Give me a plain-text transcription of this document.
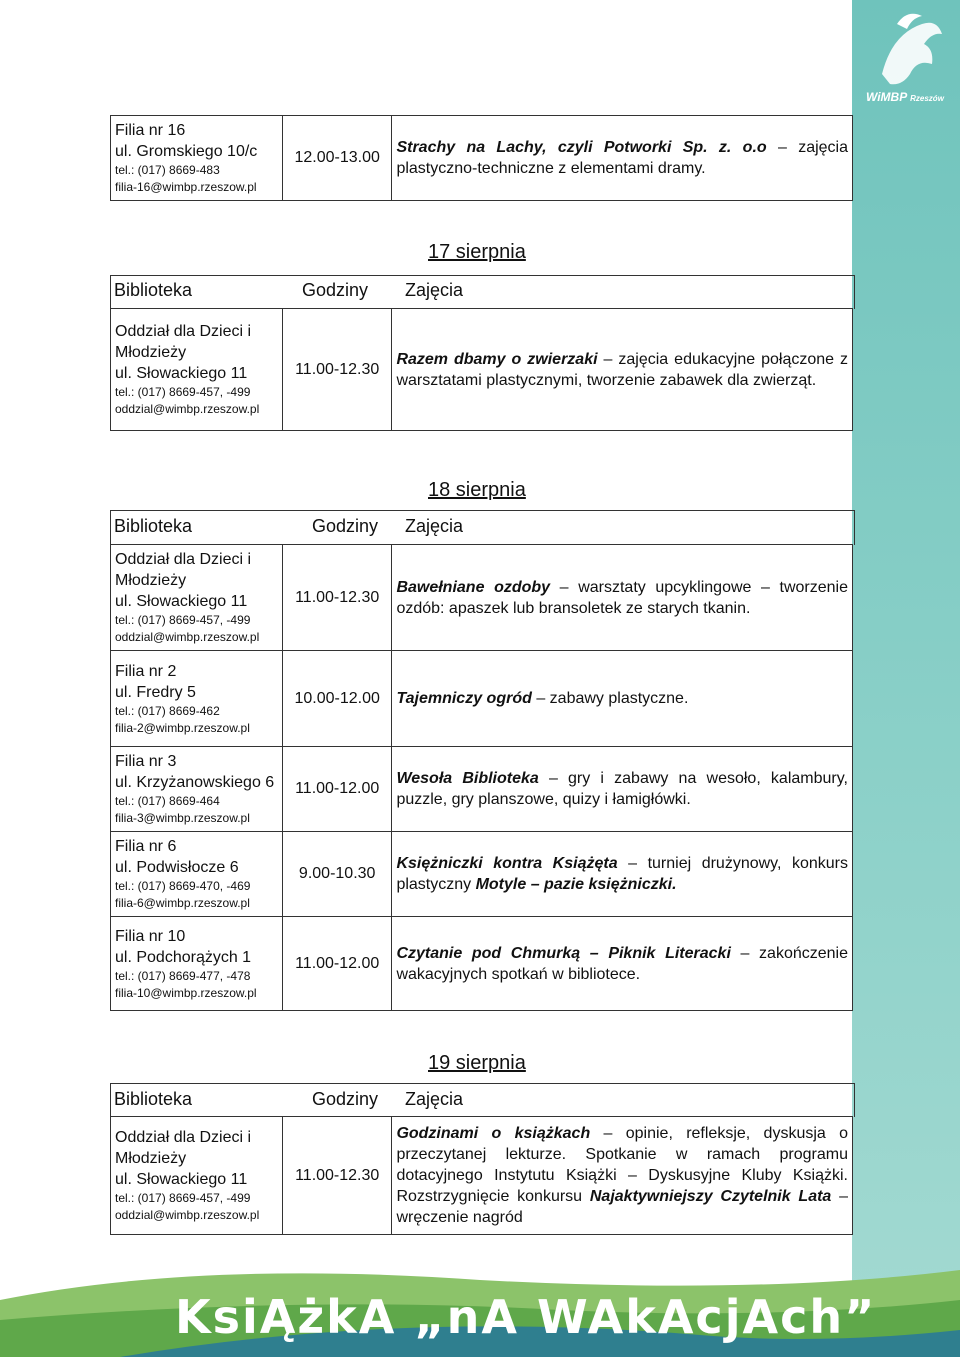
WiMBP Rzeszów
Filia nr 16
ul. Gromskiego 10/c
tel.: (017) 8669-483
filia-16@wimbp.rzeszow.pl
	12.00-13.00	Strachy na Lachy, czyli Potworki Sp. z. o.o – zajęcia plastyczno-techniczne z elementami dramy.
17 sierpnia
Biblioteka	Godziny Zajęcia
Oddział dla Dzieci i Młodzieży
ul. Słowackiego 11
tel.: (017) 8669-457, -499
oddzial@wimbp.rzeszow.pl
	11.00-12.30	Razem dbamy o zwierzaki – zajęcia edukacyjne połączone z warsztatami plastycznymi, tworzenie zabawek dla zwierząt.
18 sierpnia
Biblioteka	Godziny Zajęcia
Oddział dla Dzieci i Młodzieży
ul. Słowackiego 11
tel.: (017) 8669-457, -499
oddzial@wimbp.rzeszow.pl	11.00-12.30	Bawełniane ozdoby – warsztaty upcyklingowe – tworzenie ozdób: apaszek lub bransoletek ze starych tkanin.

Filia nr 2
ul. Fredry 5
tel.: (017) 8669-462
filia-2@wimbp.rzeszow.pl	10.00-12.00	Tajemniczy ogród – zabawy plastyczne.

Filia nr 3
ul. Krzyżanowskiego 6
tel.: (017) 8669-464
filia-3@wimbp.rzeszow.pl	11.00-12.00	Wesoła Biblioteka – gry i zabawy na wesoło, kalambury, puzzle, gry planszowe, quizy i łamigłówki.

Filia nr 6
ul. Podwisłocze 6
tel.: (017) 8669-470, -469
filia-6@wimbp.rzeszow.pl	9.00-10.30	Księżniczki kontra Książęta – turniej drużynowy, konkurs plastyczny Motyle – pazie księżniczki.

Filia nr 10
ul. Podchorążych 1
tel.: (017) 8669-477, -478
filia-10@wimbp.rzeszow.pl	11.00-12.00	Czytanie pod Chmurką – Piknik Literacki – zakończenie wakacyjnych spotkań w bibliotece.
19 sierpnia
Biblioteka	Godziny Zajęcia
Oddział dla Dzieci i Młodzieży
ul. Słowackiego 11
tel.: (017) 8669-457, -499
oddzial@wimbp.rzeszow.pl
	11.00-12.30	Godzinami o książkach – opinie, refleksje, dyskusja o przeczytanej lekturze. Spotkanie w ramach programu dotacyjnego Instytutu Książki – Dyskusyjne Kluby Książki. Rozstrzygnięcie konkursu Najaktywniejszy Czytelnik Lata – wręczenie nagród
KsiĄżkA „nA WAkAcjAch”
